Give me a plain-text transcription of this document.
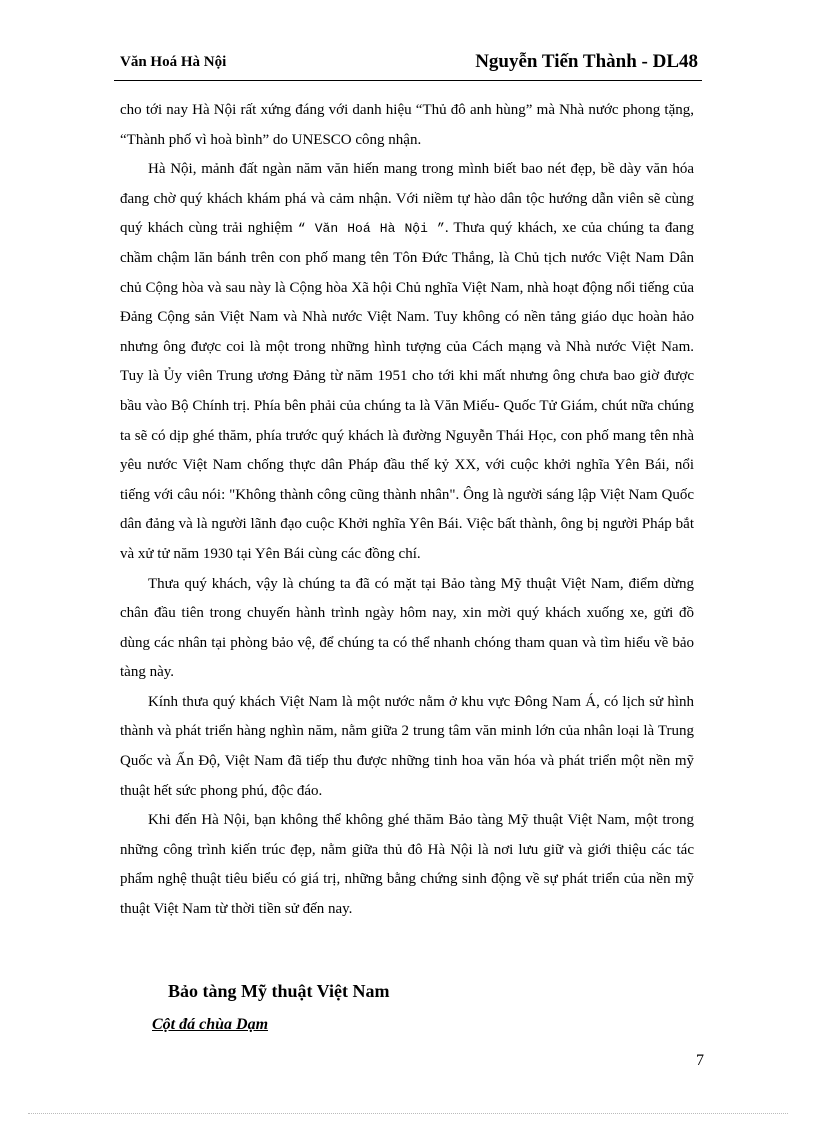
Văn Hoá Hà Nội	Nguyễn Tiến Thành - DL48

cho tới nay Hà Nội rất xứng đáng với danh hiệu “Thủ đô anh hùng” mà Nhà nước phong tặng, “Thành phố vì hoà bình” do UNESCO công nhận.

Hà Nội, mảnh đất ngàn năm văn hiến mang trong mình biết bao nét đẹp, bề dày văn hóa đang chờ quý khách khám phá và cảm nhận. Với niềm tự hào dân tộc hướng dẫn viên sẽ cùng quý khách cùng trải nghiệm “ Văn Hoá Hà Nội ”. Thưa quý khách, xe của chúng ta đang chầm chậm lăn bánh trên con phố mang tên Tôn Đức Thắng, là Chủ tịch nước Việt Nam Dân chủ Cộng hòa và sau này là Cộng hòa Xã hội Chủ nghĩa Việt Nam, nhà hoạt động nổi tiếng của Đảng Cộng sản Việt Nam và Nhà nước Việt Nam. Tuy không có nền tảng giáo dục hoàn hảo nhưng ông được coi là một trong những hình tượng của Cách mạng và Nhà nước Việt Nam. Tuy là Ủy viên Trung ương Đảng từ năm 1951 cho tới khi mất nhưng ông chưa bao giờ được bầu vào Bộ Chính trị. Phía bên phải của chúng ta là Văn Miếu- Quốc Tử Giám, chút nữa chúng ta sẽ có dịp ghé thăm, phía trước quý khách là đường Nguyễn Thái Học, con phố mang tên nhà yêu nước Việt Nam chống thực dân Pháp đầu thế kỷ XX, với cuộc khởi nghĩa Yên Bái, nổi tiếng với câu nói: "Không thành công cũng thành nhân". Ông là người sáng lập Việt Nam Quốc dân đảng và là người lãnh đạo cuộc Khởi nghĩa Yên Bái. Việc bất thành, ông bị người Pháp bắt và xử tử năm 1930 tại Yên Bái cùng các đồng chí.

Thưa quý khách, vậy là chúng ta đã có mặt tại Bảo tàng Mỹ thuật Việt Nam, điểm dừng chân đầu tiên trong chuyến hành trình ngày hôm nay, xin mời quý khách xuống xe, gửi đồ dùng các nhân tại phòng bảo vệ, để chúng ta có thể nhanh chóng tham quan và tìm hiểu về bảo tàng này.

Kính thưa quý khách Việt Nam là một nước nằm ở khu vực Đông Nam Á, có lịch sử hình thành và phát triển hàng nghìn năm, nằm giữa 2 trung tâm văn minh lớn của nhân loại là Trung Quốc và Ấn Độ, Việt Nam đã tiếp thu được những tinh hoa văn hóa và phát triển một nền mỹ thuật hết sức phong phú, độc đáo.

Khi đến Hà Nội, bạn không thể không ghé thăm Bảo tàng Mỹ thuật Việt Nam, một trong những công trình kiến trúc đẹp, nằm giữa thủ đô Hà Nội là nơi lưu giữ và giới thiệu các tác phẩm nghệ thuật tiêu biểu có giá trị, những bằng chứng sinh động về sự phát triển của nền mỹ thuật Việt Nam từ thời tiền sử đến nay.

Bảo tàng Mỹ thuật Việt Nam
Cột đá chùa Dạm
7
